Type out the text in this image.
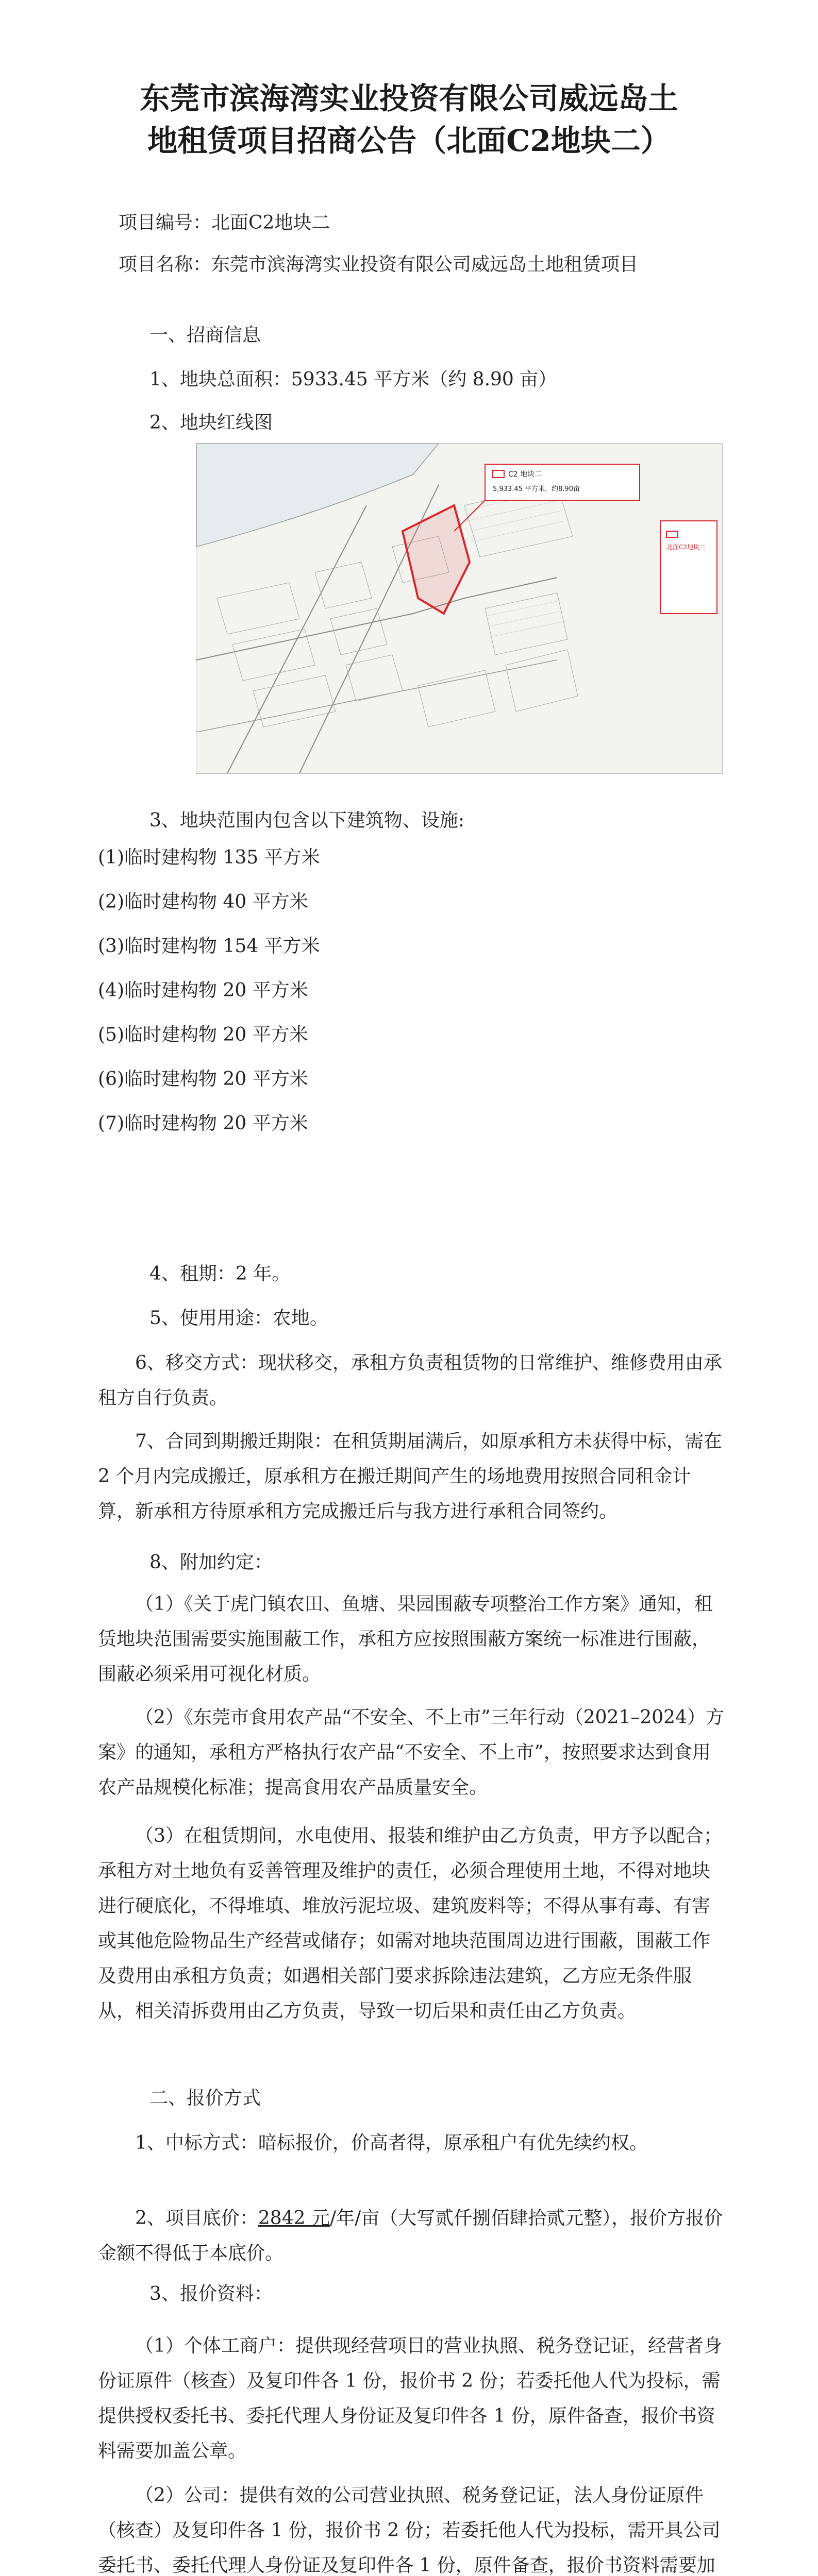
东莞市滨海湾实业投资有限公司威远岛土
地租赁项目招商公告（北面C2地块二）
项目编号：北面C2地块二

项目名称：东莞市滨海湾实业投资有限公司威远岛土地租赁项目

一、招商信息
1、地块总面积：5933.45 平方米（约 8.90 亩）
2、地块红线图
C2 地块二
5,933.45 平方米，约8.90亩
北面C2地块二
3、地块范围内包含以下建筑物、设施:
(1)临时建构物 135 平方米
(2)临时建构物 40 平方米
(3)临时建构物 154 平方米
(4)临时建构物 20 平方米
(5)临时建构物 20 平方米
(6)临时建构物 20 平方米
(7)临时建构物 20 平方米
4、租期：2 年。
5、使用用途：农地。

6、移交方式：现状移交，承租方负责租赁物的日常维护、维修费用由承租方自行负责。

7、合同到期搬迁期限：在租赁期届满后，如原承租方未获得中标，需在 2 个月内完成搬迁，原承租方在搬迁期间产生的场地费用按照合同租金计算，新承租方待原承租方完成搬迁后与我方进行承租合同签约。

8、附加约定：

（1）《关于虎门镇农田、鱼塘、果园围蔽专项整治工作方案》通知，租赁地块范围需要实施围蔽工作，承租方应按照围蔽方案统一标准进行围蔽，围蔽必须采用可视化材质。

（2）《东莞市食用农产品“不安全、不上市”三年行动（2021–2024）方案》的通知，承租方严格执行农产品“不安全、不上市”，按照要求达到食用农产品规模化标准；提高食用农产品质量安全。

（3）在租赁期间，水电使用、报装和维护由乙方负责，甲方予以配合；承租方对土地负有妥善管理及维护的责任，必须合理使用土地，不得对地块进行硬底化，不得堆填、堆放污泥垃圾、建筑废料等；不得从事有毒、有害或其他危险物品生产经营或储存；如需对地块范围周边进行围蔽，围蔽工作及费用由承租方负责；如遇相关部门要求拆除违法建筑，乙方应无条件服从，相关清拆费用由乙方负责，导致一切后果和责任由乙方负责。

二、报价方式

1、中标方式：暗标报价，价高者得，原承租户有优先续约权。

2、项目底价：2842 元/年/亩（大写贰仟捌佰肆拾贰元整），报价方报价金额不得低于本底价。

3、报价资料：

（1）个体工商户：提供现经营项目的营业执照、税务登记证，经营者身份证原件（核查）及复印件各 1 份，报价书 2 份；若委托他人代为投标，需提供授权委托书、委托代理人身份证及复印件各 1 份，原件备查，报价书资料需要加盖公章。

（2）公司：提供有效的公司营业执照、税务登记证，法人身份证原件（核查）及复印件各 1 份，报价书 2 份；若委托他人代为投标，需开具公司委托书、委托代理人身份证及复印件各 1 份，原件备查，报价书资料需要加
